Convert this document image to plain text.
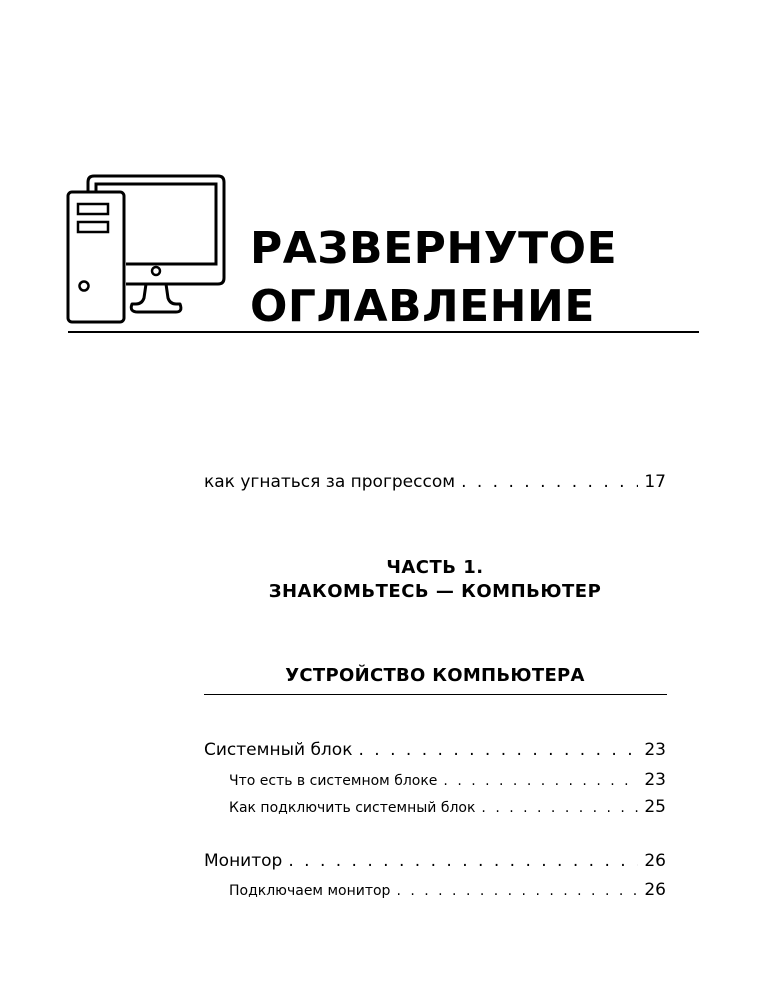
РАЗВЕРНУТОЕ
ОГЛАВЛЕНИЕ
как угнаться за прогрессом . . .	17
ЧАСТЬ 1.
ЗНАКОМЬТЕСЬ — КОМПЬЮТЕР
УСТРОЙСТВО КОМПЬЮТЕРА
Системный блок . . .	23
Что есть в системном блоке . . .	23
Как подключить системный блок . . .	25
Монитор . . .	26
Подключаем монитор . . .	26
